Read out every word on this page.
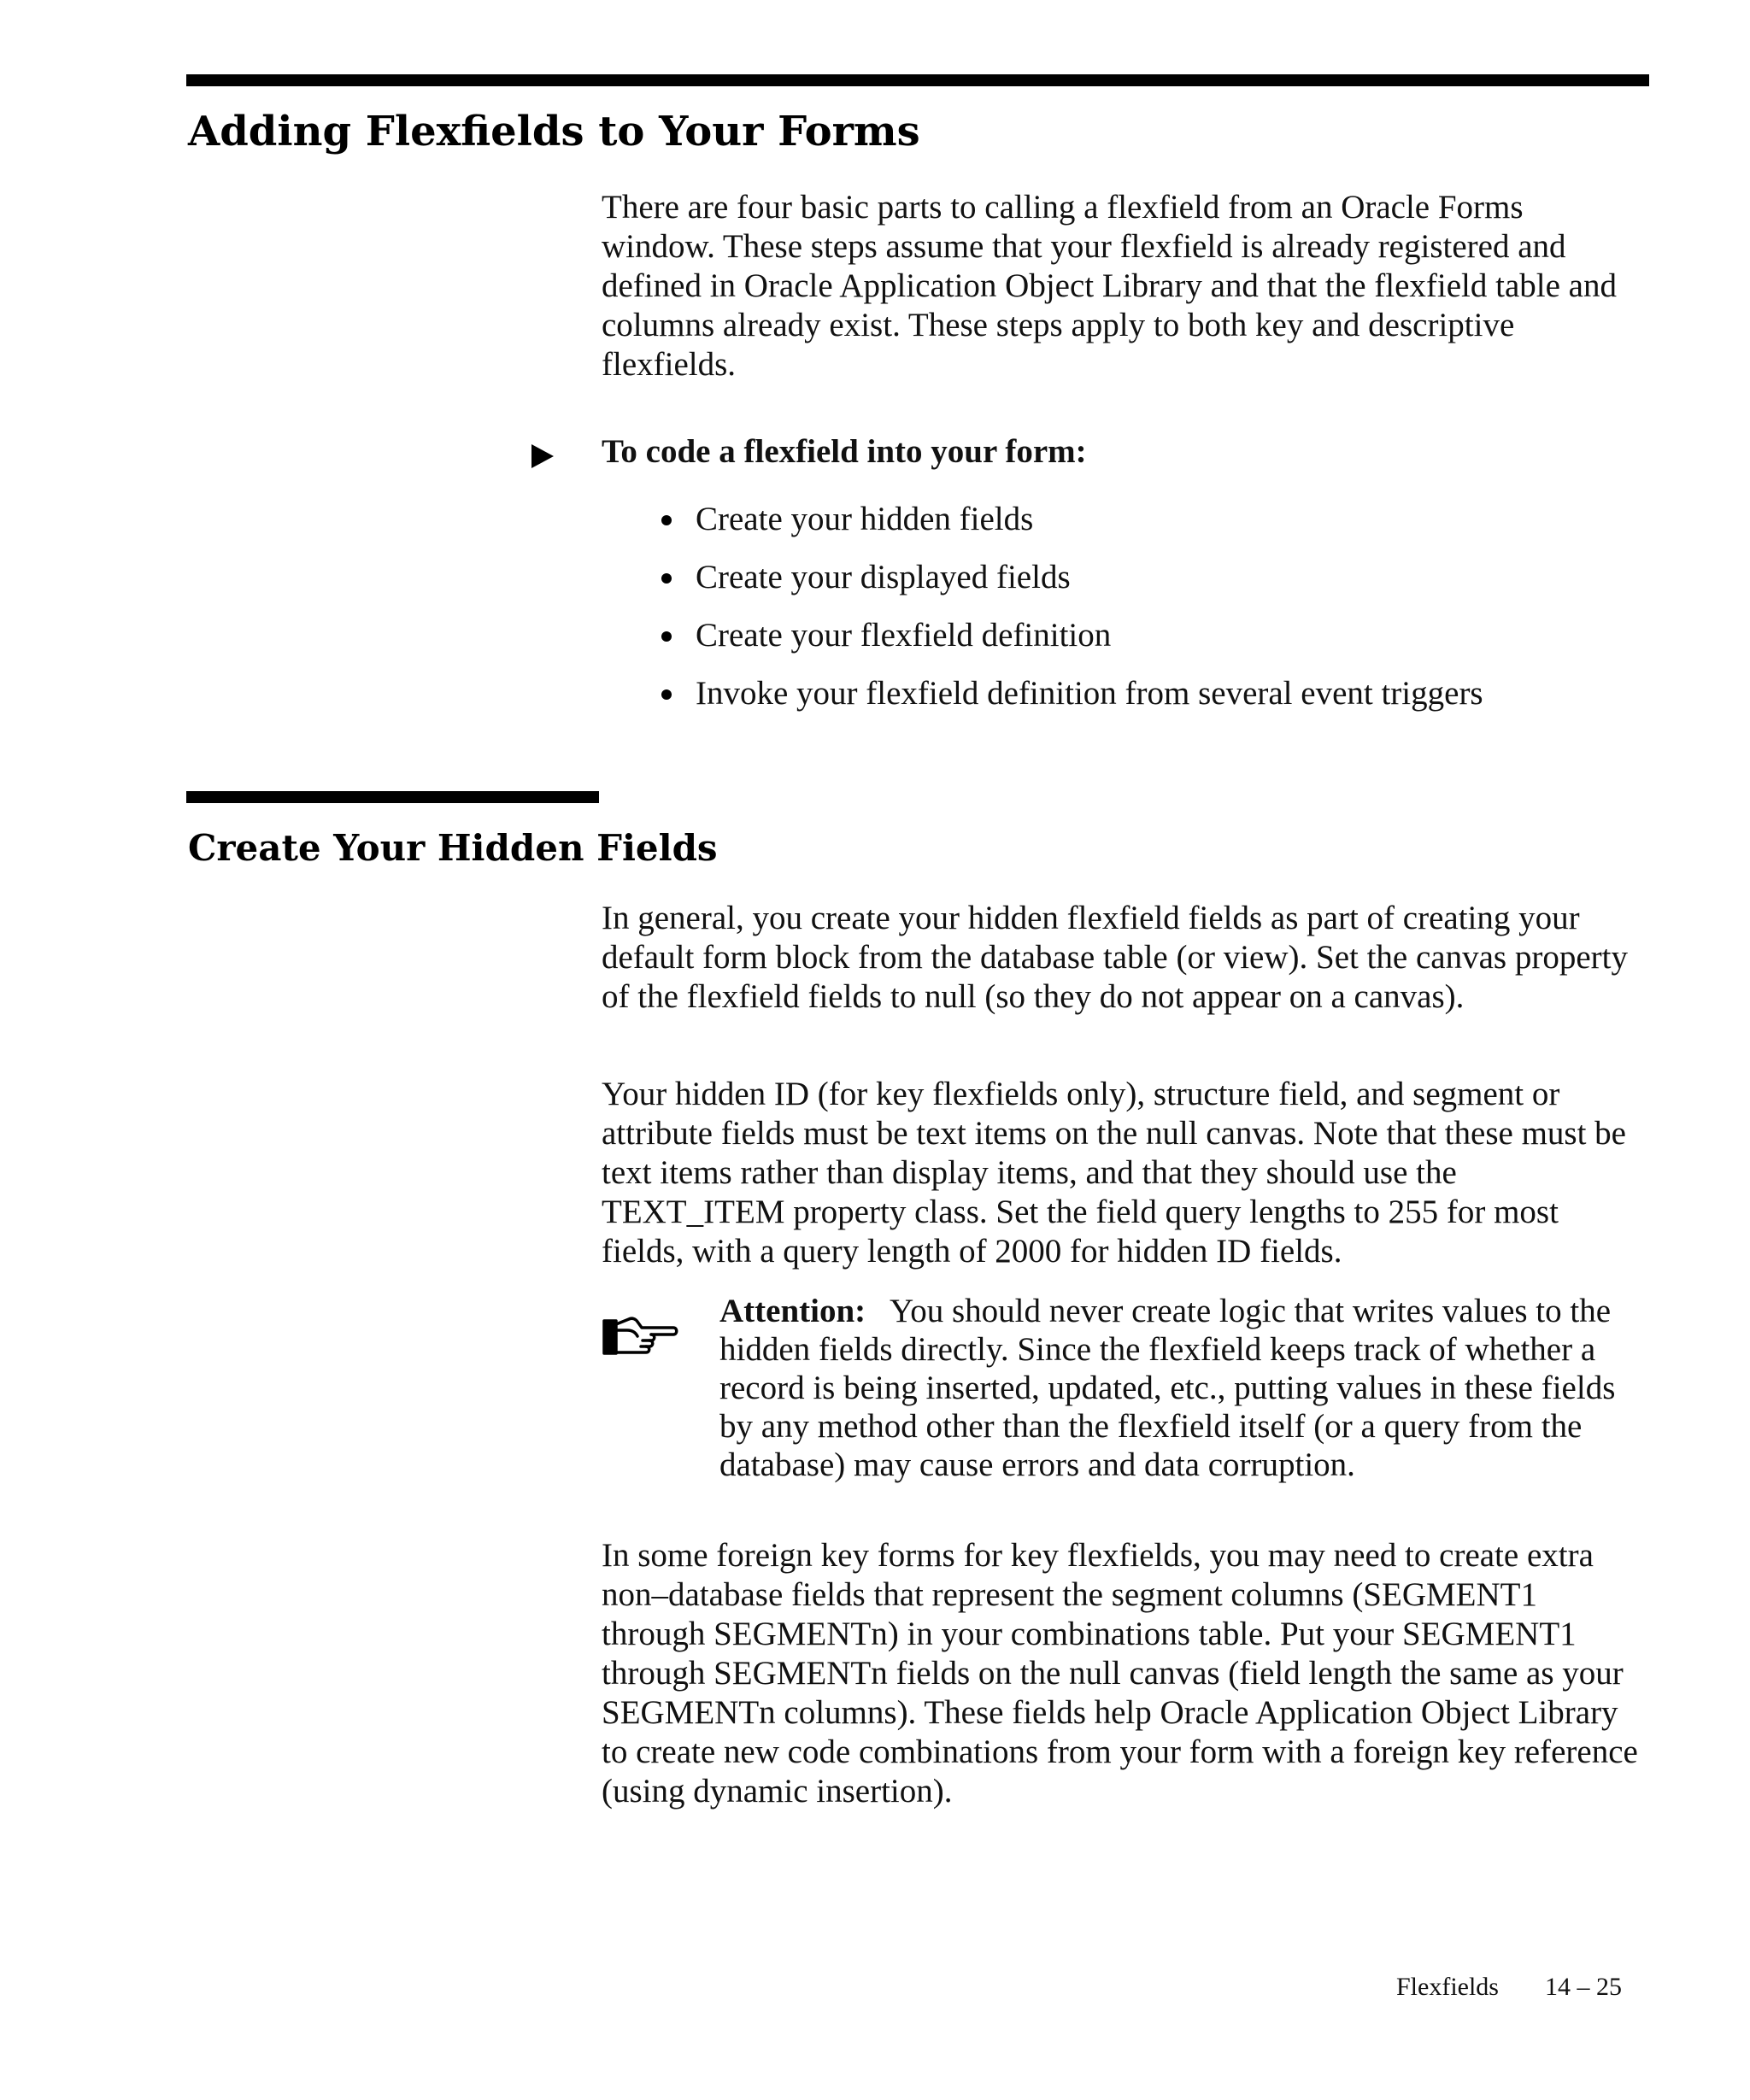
Adding Flexfields to Your Forms

There are four basic parts to calling a flexfield from an Oracle Forms window. These steps assume that your flexfield is already registered and defined in Oracle Application Object Library and that the flexfield table and columns already exist. These steps apply to both key and descriptive flexfields.

To code a flexfield into your form:

Create your hidden fields
Create your displayed fields
Create your flexfield definition
Invoke your flexfield definition from several event triggers
Create Your Hidden Fields

In general, you create your hidden flexfield fields as part of creating your default form block from the database table (or view). Set the canvas property of the flexfield fields to null (so they do not appear on a canvas).

Your hidden ID (for key flexfields only), structure field, and segment or attribute fields must be text items on the null canvas. Note that these must be text items rather than display items, and that they should use the TEXT_ITEM property class. Set the field query lengths to 255 for most fields, with a query length of 2000 for hidden ID fields.

Attention: You should never create logic that writes values to the hidden fields directly. Since the flexfield keeps track of whether a record is being inserted, updated, etc., putting values in these fields by any method other than the flexfield itself (or a query from the database) may cause errors and data corruption.

In some foreign key forms for key flexfields, you may need to create extra non–database fields that represent the segment columns (SEGMENT1 through SEGMENTn) in your combinations table. Put your SEGMENT1 through SEGMENTn fields on the null canvas (field length the same as your SEGMENTn columns). These fields help Oracle Application Object Library to create new code combinations from your form with a foreign key reference (using dynamic insertion).

Flexfields 14 – 25
